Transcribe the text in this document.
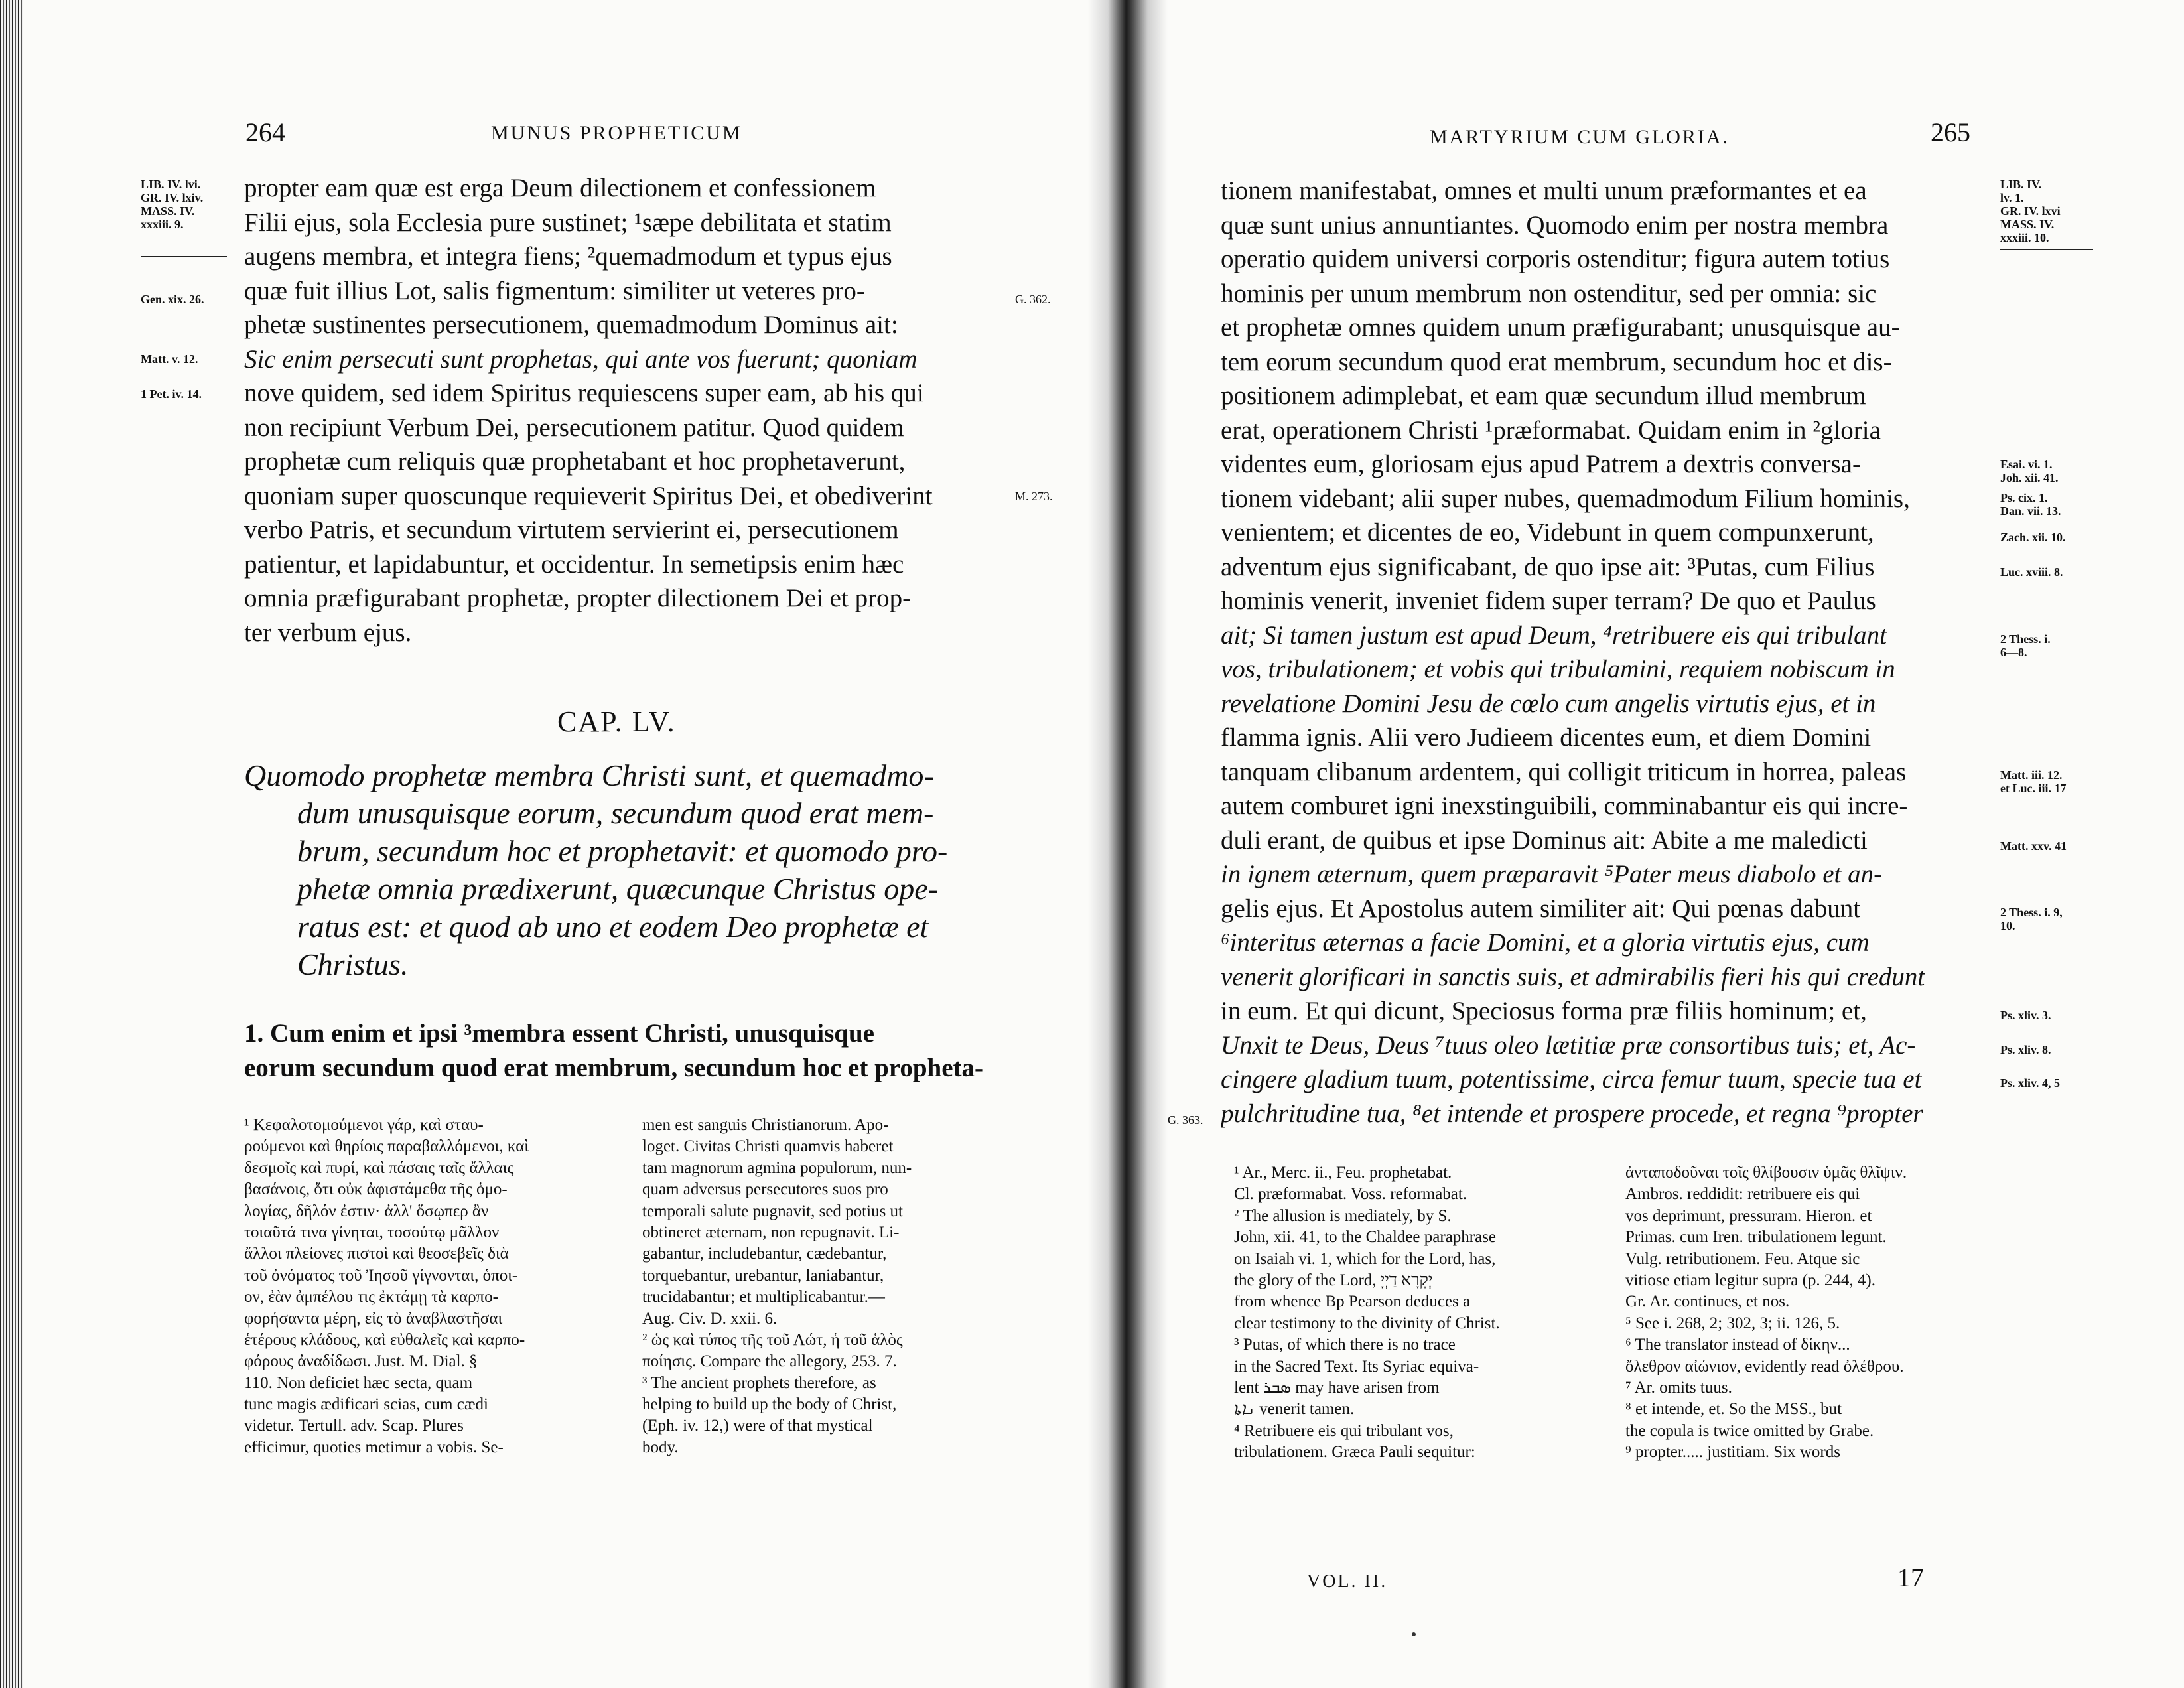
264	MUNUS PROPHETICUM
LIB. IV. lvi.
GR. IV. lxiv.
MASS. IV.
xxxiii. 9.
Gen. xix. 26.
Matt. v. 12.
1 Pet. iv. 14.
G. 362.
M. 273.
propter eam quæ est erga Deum dilectionem et confessionem
Filii ejus, sola Ecclesia pure sustinet; ¹sæpe debilitata et statim
augens membra, et integra fiens; ²quemadmodum et typus ejus
quæ fuit illius Lot, salis figmentum: similiter ut veteres pro-
phetæ sustinentes persecutionem, quemadmodum Dominus ait:
Sic enim persecuti sunt prophetas, qui ante vos fuerunt; quoniam
nove quidem, sed idem Spiritus requiescens super eam, ab his qui
non recipiunt Verbum Dei, persecutionem patitur. Quod quidem
prophetæ cum reliquis quæ prophetabant et hoc prophetaverunt,
quoniam super quoscunque requieverit Spiritus Dei, et obediverint
verbo Patris, et secundum virtutem servierint ei, persecutionem
patientur, et lapidabuntur, et occidentur. In semetipsis enim hæc
omnia præfigurabant prophetæ, propter dilectionem Dei et prop-
ter verbum ejus.
CAP. LV.
Quomodo prophetæ membra Christi sunt, et quemadmo-
dum unusquisque eorum, secundum quod erat mem-
brum, secundum hoc et prophetavit: et quomodo pro-
phetæ omnia prædixerunt, quæcunque Christus ope-
ratus est: et quod ab uno et eodem Deo prophetæ et
Christus.
1. Cum enim et ipsi ³membra essent Christi, unusquisque
eorum secundum quod erat membrum, secundum hoc et propheta-
¹ Κεφαλοτομούμενοι γάρ, καὶ σταυ-
ρούμενοι καὶ θηρίοις παραβαλλόμενοι, καὶ
δεσμοῖς καὶ πυρί, καὶ πάσαις ταῖς ἄλλαις
βασάνοις, ὅτι οὐκ ἀφιστάμεθα τῆς ὁμο-
λογίας, δῆλόν ἐστιν· ἀλλ' ὅσῳπερ ἂν
τοιαῦτά τινα γίνηται, τοσούτῳ μᾶλλον
ἄλλοι πλείονες πιστοὶ καὶ θεοσεβεῖς διὰ
τοῦ ὀνόματος τοῦ Ἰησοῦ γίγνονται, ὁποι-
ον, ἐὰν ἀμπέλου τις ἐκτάμῃ τὰ καρπο-
φορήσαντα μέρη, εἰς τὸ ἀναβλαστῆσαι
ἑτέρους κλάδους, καὶ εὐθαλεῖς καὶ καρπο-
φόρους ἀναδίδωσι. Just. M. Dial. §
110. Non deficiet hæc secta, quam
tunc magis ædificari scias, cum cædi
videtur. Tertull. adv. Scap. Plures
efficimur, quoties metimur a vobis. Se-
men est sanguis Christianorum. Apo-
loget. Civitas Christi quamvis haberet
tam magnorum agmina populorum, nun-
quam adversus persecutores suos pro
temporali salute pugnavit, sed potius ut
obtineret æternam, non repugnavit. Li-
gabantur, includebantur, cædebantur,
torquebantur, urebantur, laniabantur,
trucidabantur; et multiplicabantur.—
Aug. Civ. D. xxii. 6.
² ὡς καὶ τύπος τῆς τοῦ Λώτ, ἡ τοῦ ἁλὸς
ποίησις. Compare the allegory, 253. 7.
³ The ancient prophets therefore, as
helping to build up the body of Christ,
(Eph. iv. 12,) were of that mystical
body.
MARTYRIUM CUM GLORIA.	265
LIB. IV.
lv. 1.
GR. IV. lxvi
MASS. IV.
xxxiii. 10.
Esai. vi. 1.
Joh. xii. 41.
Ps. cix. 1.
Dan. vii. 13.
Zach. xii. 10.
Luc. xviii. 8.
2 Thess. i.
6—8.
Matt. iii. 12.
et Luc. iii. 17
Matt. xxv. 41
2 Thess. i. 9,
10.
Ps. xliv. 3.
Ps. xliv. 8.
Ps. xliv. 4, 5
G. 363.
tionem manifestabat, omnes et multi unum præformantes et ea
quæ sunt unius annuntiantes. Quomodo enim per nostra membra
operatio quidem universi corporis ostenditur; figura autem totius
hominis per unum membrum non ostenditur, sed per omnia: sic
et prophetæ omnes quidem unum præfigurabant; unusquisque au-
tem eorum secundum quod erat membrum, secundum hoc et dis-
positionem adimplebat, et eam quæ secundum illud membrum
erat, operationem Christi ¹præformabat. Quidam enim in ²gloria
videntes eum, gloriosam ejus apud Patrem a dextris conversa-
tionem videbant; alii super nubes, quemadmodum Filium hominis,
venientem; et dicentes de eo, Videbunt in quem compunxerunt,
adventum ejus significabant, de quo ipse ait: ³Putas, cum Filius
hominis venerit, inveniet fidem super terram? De quo et Paulus
ait; Si tamen justum est apud Deum, ⁴retribuere eis qui tribulant
vos, tribulationem; et vobis qui tribulamini, requiem nobiscum in
revelatione Domini Jesu de cœlo cum angelis virtutis ejus, et in
flamma ignis. Alii vero Judieem dicentes eum, et diem Domini
tanquam clibanum ardentem, qui colligit triticum in horrea, paleas
autem comburet igni inexstinguibili, comminabantur eis qui incre-
duli erant, de quibus et ipse Dominus ait: Abite a me maledicti
in ignem æternum, quem præparavit ⁵Pater meus diabolo et an-
gelis ejus. Et Apostolus autem similiter ait: Qui pœnas dabunt
⁶interitus æternas a facie Domini, et a gloria virtutis ejus, cum
venerit glorificari in sanctis suis, et admirabilis fieri his qui credunt
in eum. Et qui dicunt, Speciosus forma præ filiis hominum; et,
Unxit te Deus, Deus ⁷tuus oleo lætitiæ præ consortibus tuis; et, Ac-
cingere gladium tuum, potentissime, circa femur tuum, specie tua et
pulchritudine tua, ⁸et intende et prospere procede, et regna ⁹propter
¹ Ar., Merc. ii., Feu. prophetabat.
Cl. præformabat. Voss. reformabat.
² The allusion is mediately, by S.
John, xii. 41, to the Chaldee paraphrase
on Isaiah vi. 1, which for the Lord, has,
the glory of the Lord, יְקָרָא דַיְיָ
from whence Bp Pearson deduces a
clear testimony to the divinity of Christ.
³ Putas, of which there is no trace
in the Sacred Text. Its Syriac equiva-
lent ܣܒܪ may have arisen from
ܢܐܬܐ venerit tamen.
⁴ Retribuere eis qui tribulant vos,
tribulationem. Græca Pauli sequitur:
ἀνταποδοῦναι τοῖς θλίβουσιν ὑμᾶς θλῖψιν.
Ambros. reddidit: retribuere eis qui
vos deprimunt, pressuram. Hieron. et
Primas. cum Iren. tribulationem legunt.
Vulg. retributionem. Feu. Atque sic
vitiose etiam legitur supra (p. 244, 4).
Gr. Ar. continues, et nos.
⁵ See i. 268, 2; 302, 3; ii. 126, 5.
⁶ The translator instead of δίκην...
ὄλεθρον αἰώνιον, evidently read ὀλέθρου.
⁷ Ar. omits tuus.
⁸ et intende, et. So the MSS., but
the copula is twice omitted by Grabe.
⁹ propter..... justitiam. Six words
VOL. II.	17
